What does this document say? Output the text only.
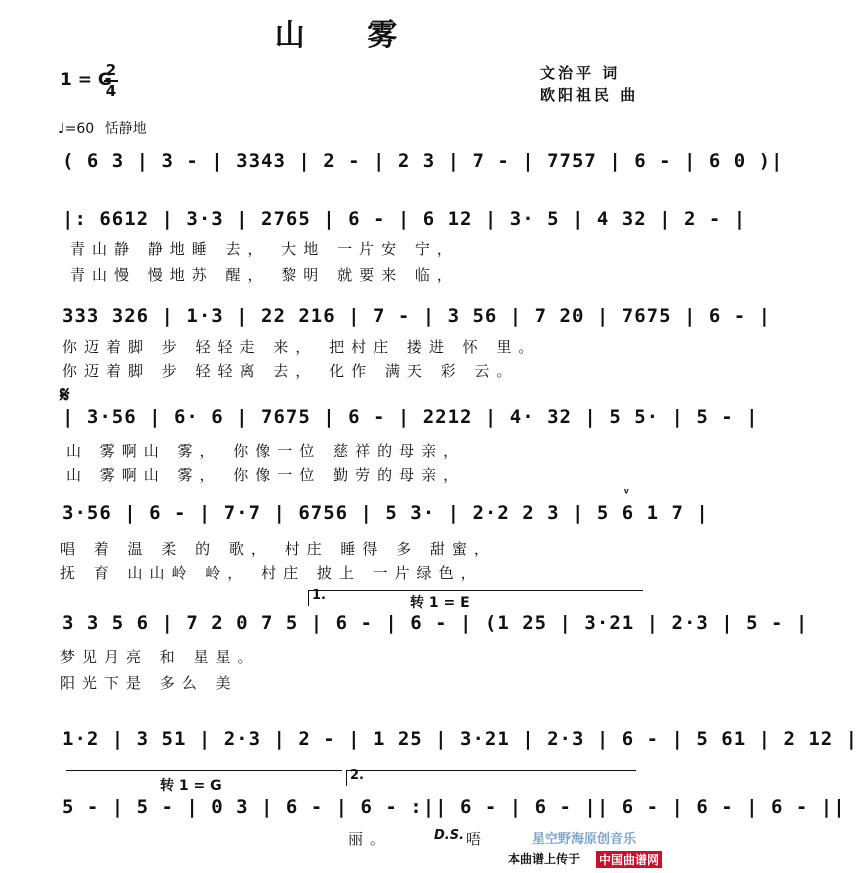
山 雾
文治平 词
欧阳祖民 曲
1 = G
2
4
♩=60 恬静地
( 6 3 | 3 - | 3343 | 2 - | 2 3 | 7 - | 7757 | 6 - | 6 0 )|
|: 6612 | 3·3 | 2765 | 6 - | 6 12 | 3· 5 | 4 32 | 2 - |
青山静 静地睡 去， 大地 一片安 宁，
青山慢 慢地苏 醒， 黎明 就要来 临，
333 326 | 1·3 | 22 216 | 7 - | 3 56 | 7 20 | 7675 | 6 - |
你迈着脚 步 轻轻走 来， 把村庄 搂进 怀 里。
你迈着脚 步 轻轻离 去， 化作 满天 彩 云。
𝄋
| 3·56 | 6· 6 | 7675 | 6 - | 2212 | 4· 32 | 5 5· | 5 - |
山 雾啊山 雾， 你像一位 慈祥的母亲，
山 雾啊山 雾， 你像一位 勤劳的母亲，
3·56 | 6 - | 7·7 | 6756 | 5 3· | 2·2 2 3 | 5 6 1 7 |
ᵛ
唱 着 温 柔 的 歌， 村庄 睡得 多 甜蜜，
抚 育 山山岭 岭， 村庄 披上 一片绿色，
1.	转 1 = E
3 3 5 6 | 7 2 0 7 5 | 6 - | 6 - | (1 25 | 3·21 | 2·3 | 5 - |
梦见月亮 和 星星。
阳光下是 多么 美
1·2 | 3 51 | 2·3 | 2 - | 1 25 | 3·21 | 2·3 | 6 - | 5 61 | 2 12 |
2.
转 1 = G
5 - | 5 - | 0 3 | 6 - | 6 - :|| 6 - | 6 - || 6 - | 6 - | 6 - ||
丽。	D.S. 唔	星空野海原创音乐
本曲谱上传于 中国曲谱网
